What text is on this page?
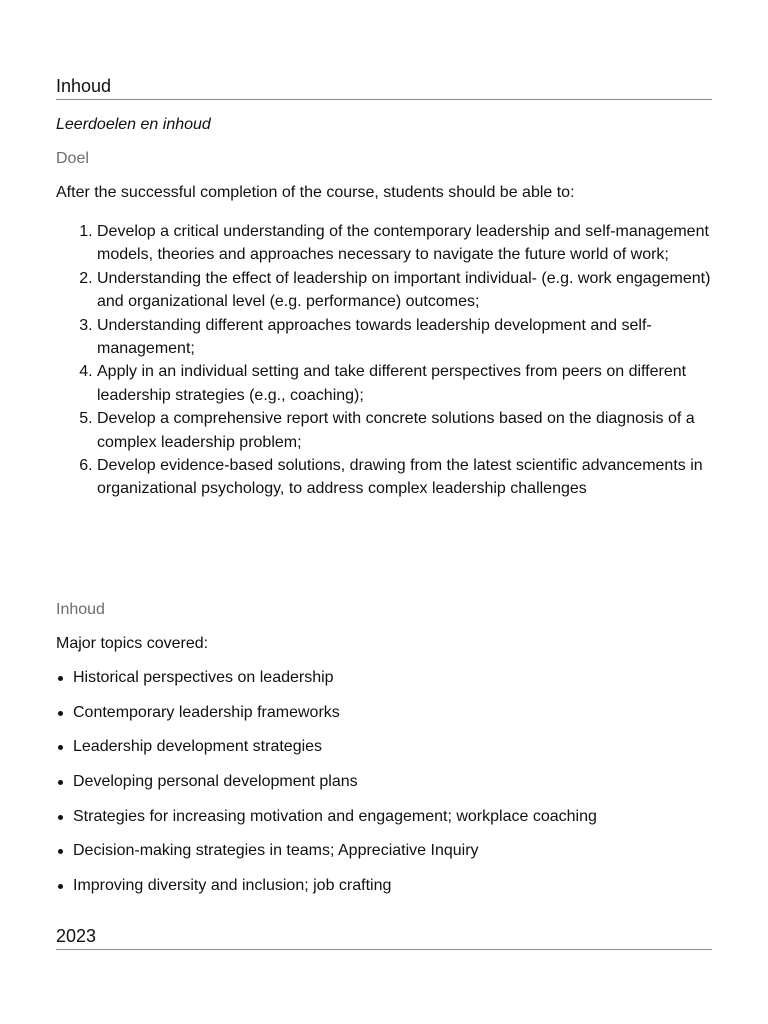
Inhoud

Leerdoelen en inhoud

Doel

After the successful completion of the course, students should be able to:

1. Develop a critical understanding of the contemporary leadership and self-management models, theories and approaches necessary to navigate the future world of work;
2. Understanding the effect of leadership on important individual- (e.g. work engagement) and organizational level (e.g. performance) outcomes;
3. Understanding different approaches towards leadership development and self-management;
4. Apply in an individual setting and take different perspectives from peers on different leadership strategies (e.g., coaching);
5. Develop a comprehensive report with concrete solutions based on the diagnosis of a complex leadership problem;
6. Develop evidence-based solutions, drawing from the latest scientific advancements in organizational psychology, to address complex leadership challenges

Inhoud

Major topics covered:

Historical perspectives on leadership
Contemporary leadership frameworks
Leadership development strategies
Developing personal development plans
Strategies for increasing motivation and engagement; workplace coaching
Decision-making strategies in teams; Appreciative Inquiry
Improving diversity and inclusion; job crafting
2023
